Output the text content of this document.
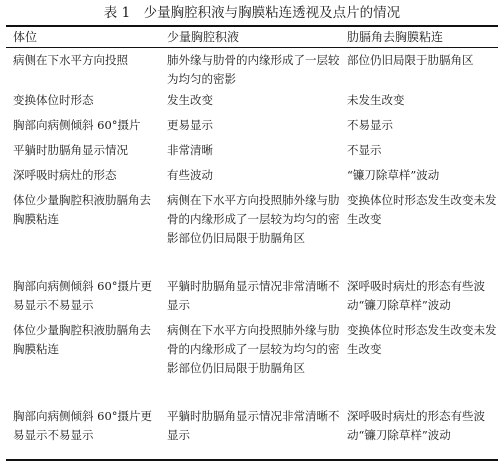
表 1　少量胸腔积液与胸膜粘连透视及点片的情况
体位	少量胸腔积液	肋膈角去胸膜粘连

病侧在下水平方向投照	肺外缘与肋骨的内缘形成了一层较为均匀的密影	部位仍旧局限于肋膈角区

变换体位时形态	发生改变	未发生改变

胸部向病侧倾斜 60°摄片	更易显示	不易显示

平躺时肋膈角显示情况	非常清晰	不显示

深呼吸时病灶的形态	有些波动	“镰刀除草样”波动

体位少量胸腔积液肋膈角去胸膜粘连	病侧在下水平方向投照肺外缘与肋骨的内缘形成了一层较为均匀的密影部位仍旧局限于肋膈角区	变换体位时形态发生改变未发生改变

胸部向病侧倾斜 60°摄片更易显示不易显示	平躺时肋膈角显示情况非常清晰不显示	深呼吸时病灶的形态有些波动“镰刀除草样”波动

体位少量胸腔积液肋膈角去胸膜粘连	病侧在下水平方向投照肺外缘与肋骨的内缘形成了一层较为均匀的密影部位仍旧局限于肋膈角区	变换体位时形态发生改变未发生改变

胸部向病侧倾斜 60°摄片更易显示不易显示	平躺时肋膈角显示情况非常清晰不显示	深呼吸时病灶的形态有些波动“镰刀除草样”波动
